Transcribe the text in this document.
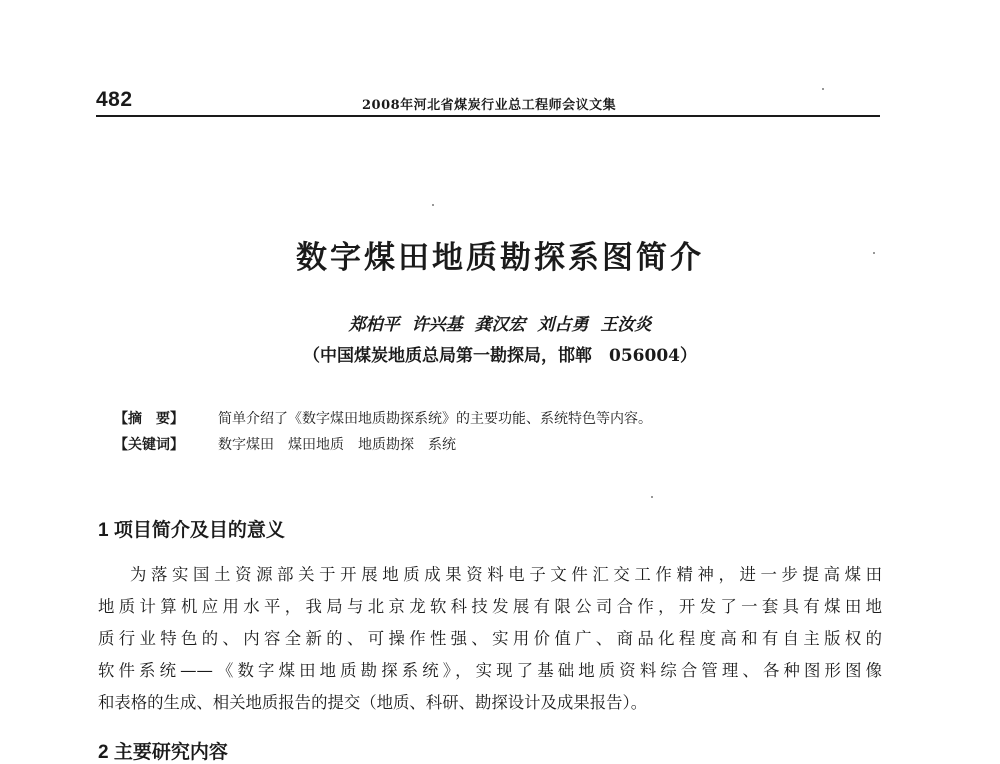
482	2008年河北省煤炭行业总工程师会议文集
数字煤田地质勘探系图简介
郑柏平 许兴基 龚汉宏 刘占勇 王汝炎
（中国煤炭地质总局第一勘探局，邯郸　056004）
【摘　要】 简单介绍了《数字煤田地质勘探系统》的主要功能、系统特色等内容。
【关键词】 数字煤田　煤田地质　地质勘探　系统
1 项目简介及目的意义
为落实国土资源部关于开展地质成果资料电子文件汇交工作精神，进一步提高煤田
地质计算机应用水平，我局与北京龙软科技发展有限公司合作，开发了一套具有煤田地
质行业特色的、内容全新的、可操作性强、实用价值广、商品化程度高和有自主版权的
软件系统——《数字煤田地质勘探系统》，实现了基础地质资料综合管理、各种图形图像
和表格的生成、相关地质报告的提交（地质、科研、勘探设计及成果报告）。
2 主要研究内容
